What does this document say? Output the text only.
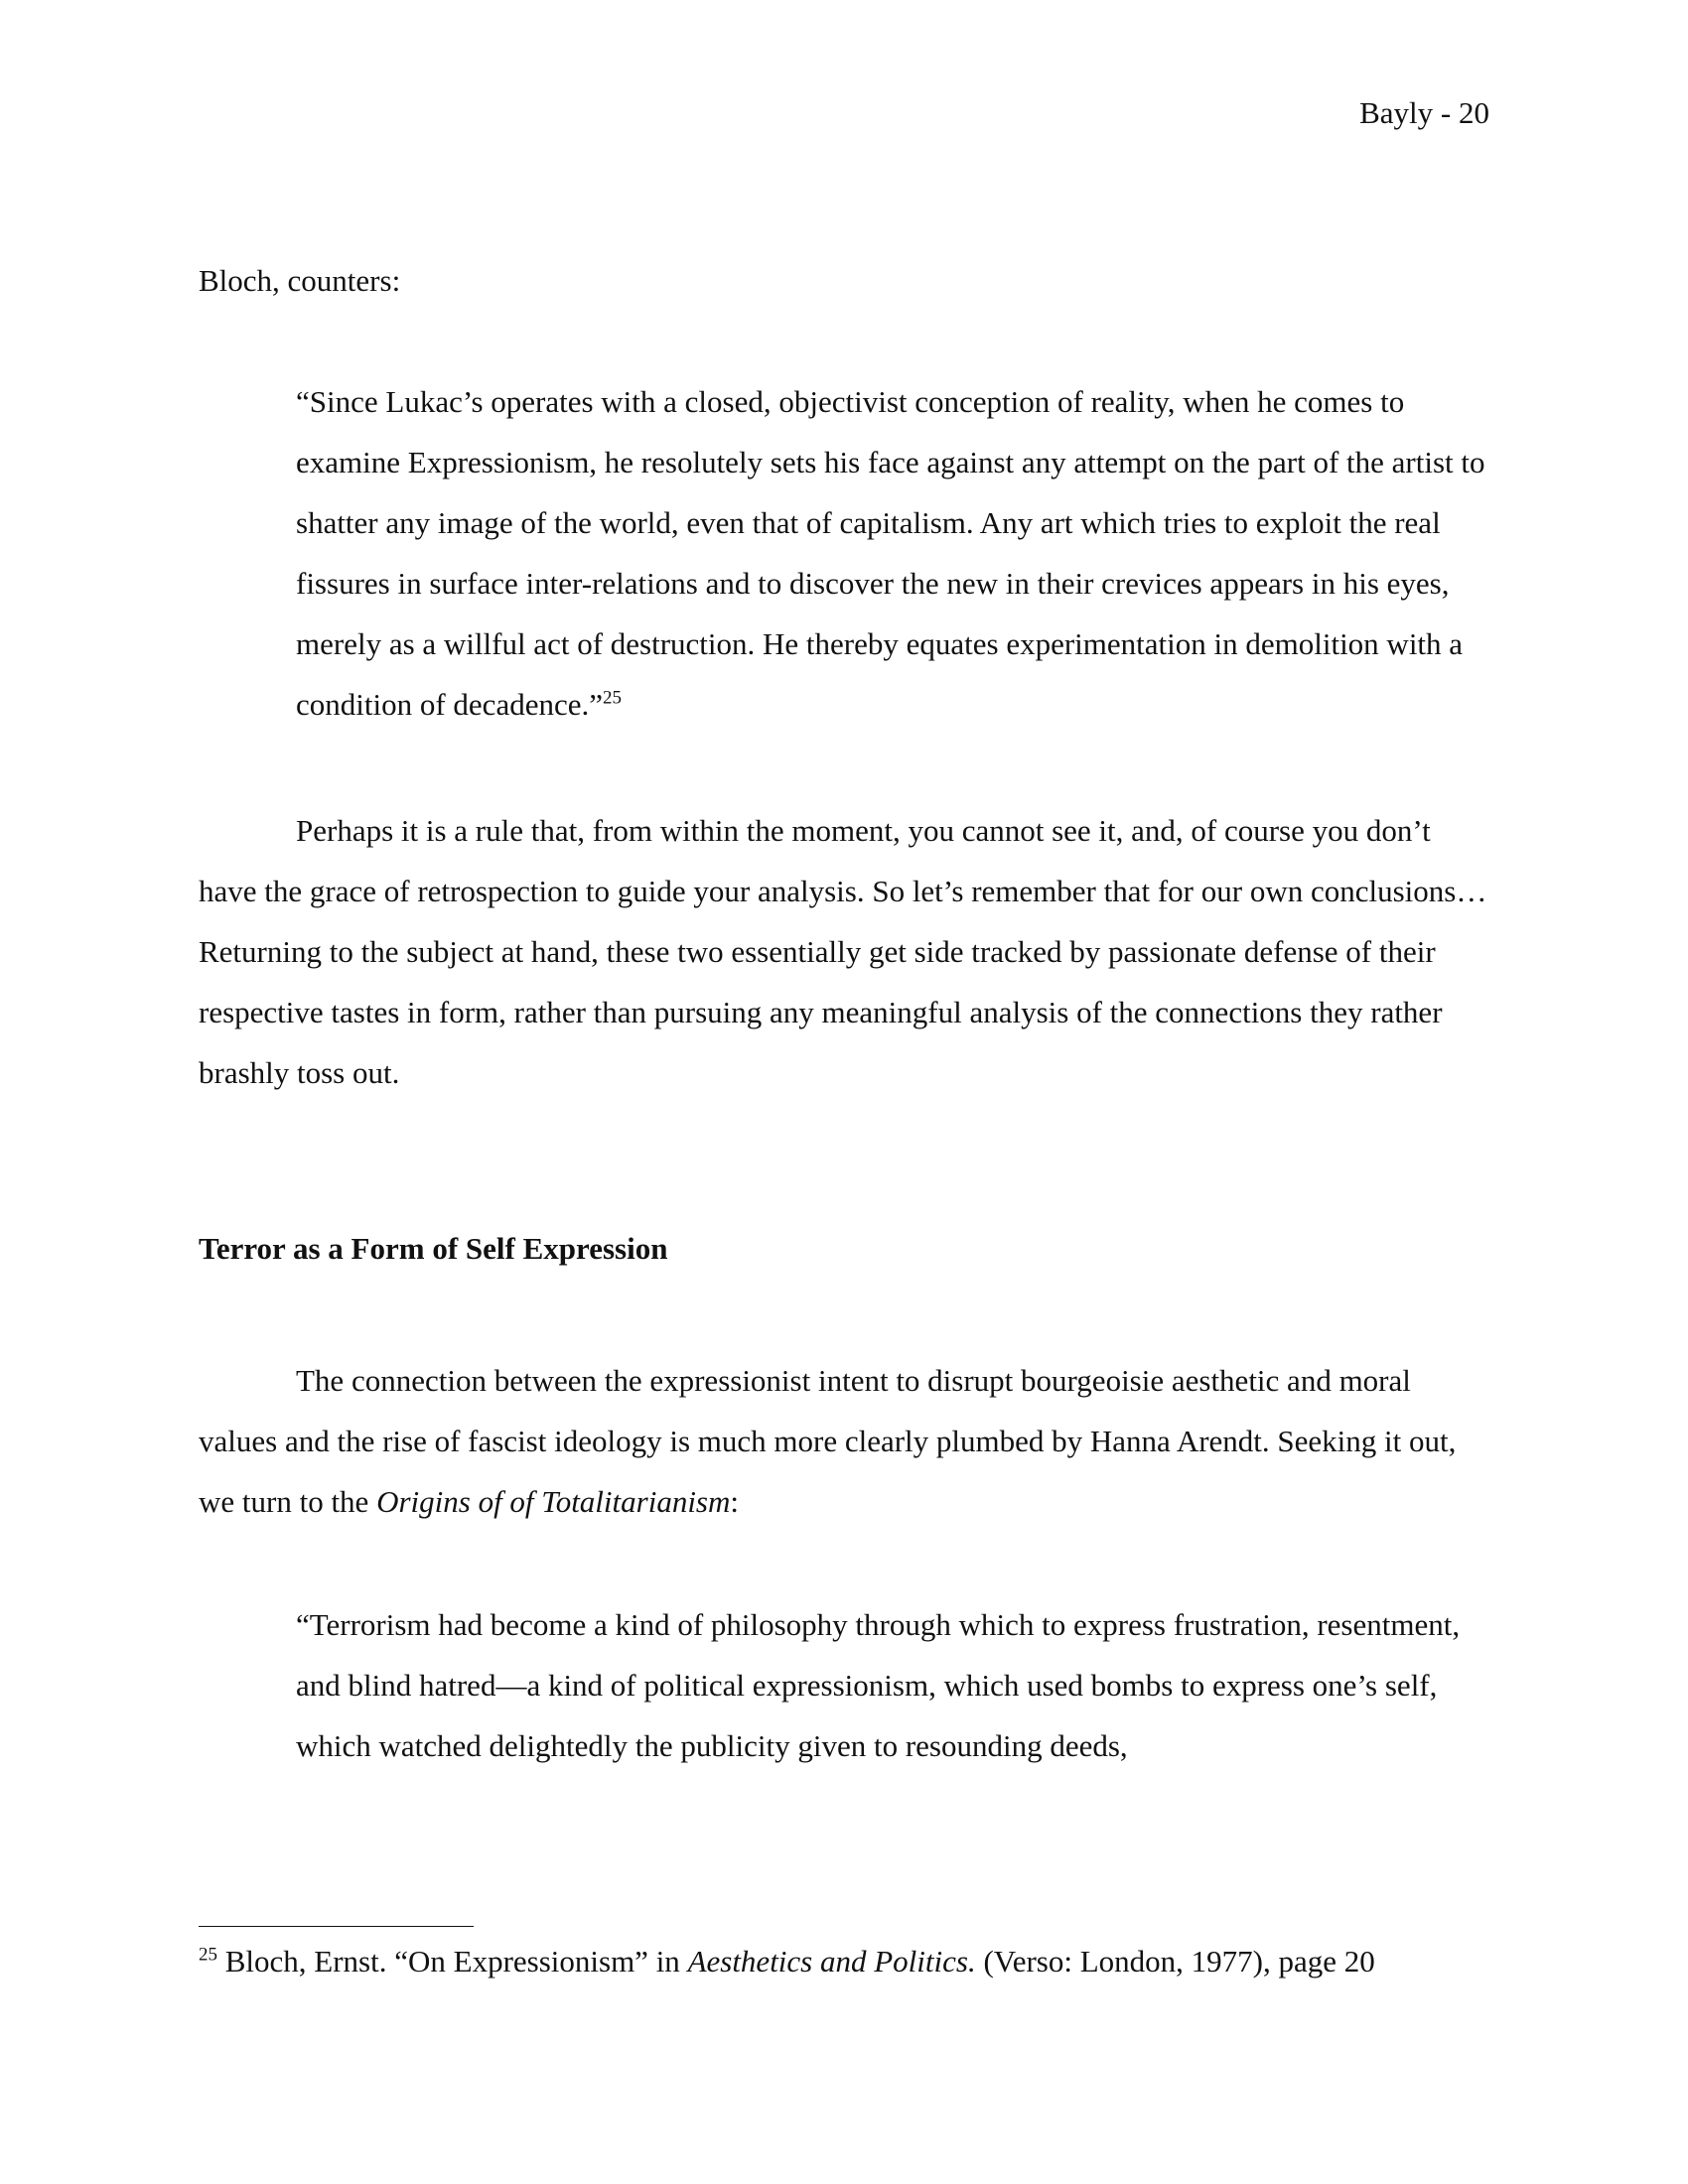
Bayly - 20

Bloch, counters:

“Since Lukac’s operates with a closed, objectivist conception of reality, when he comes to examine Expressionism, he resolutely sets his face against any attempt on the part of the artist to shatter any image of the world, even that of capitalism. Any art which tries to exploit the real fissures in surface inter-relations and to discover the new in their crevices appears in his eyes, merely as a willful act of destruction. He thereby equates experimentation in demolition with a condition of decadence.”$^{25}$

Perhaps it is a rule that, from within the moment, you cannot see it, and, of course you don’t have the grace of retrospection to guide your analysis. So let’s remember that for our own conclusions… Returning to the subject at hand, these two essentially get side tracked by passionate defense of their respective tastes in form, rather than pursuing any meaningful analysis of the connections they rather brashly toss out.

Terror as a Form of Self Expression

The connection between the expressionist intent to disrupt bourgeoisie aesthetic and moral values and the rise of fascist ideology is much more clearly plumbed by Hanna Arendt. Seeking it out, we turn to the Origins of of Totalitarianism:

“Terrorism had become a kind of philosophy through which to express frustration, resentment, and blind hatred—a kind of political expressionism, which used bombs to express one’s self, which watched delightedly the publicity given to resounding deeds,
$^{25}$ Bloch, Ernst. “On Expressionism” in Aesthetics and Politics. (Verso: London, 1977), page 20
